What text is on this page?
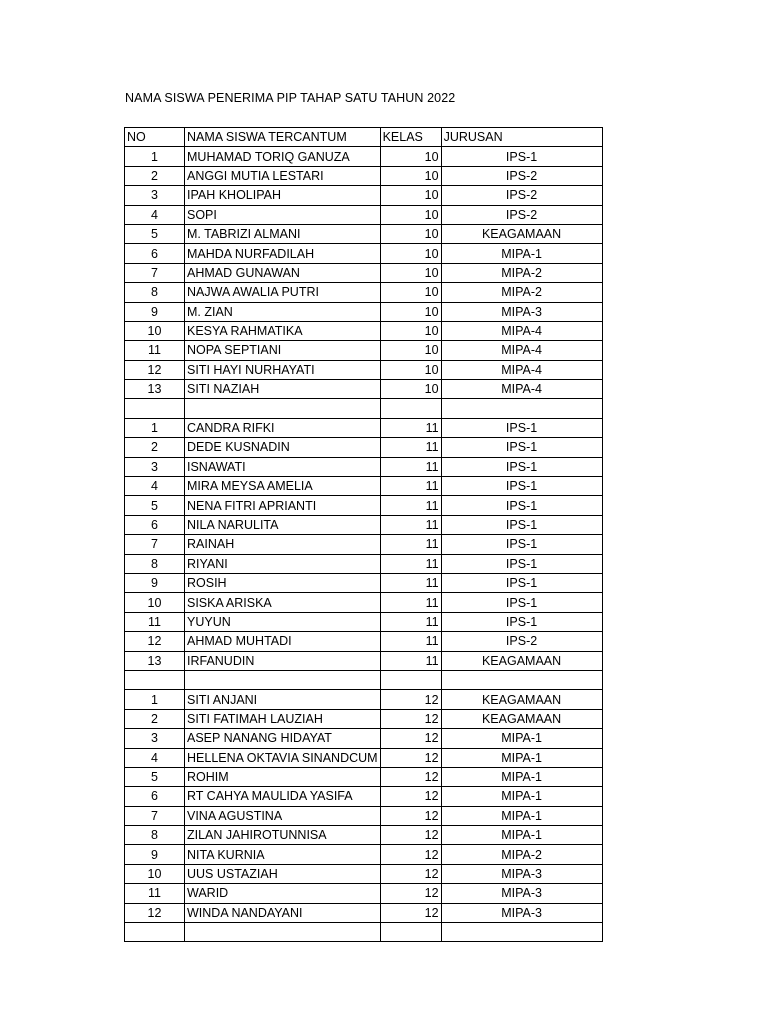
NAMA SISWA PENERIMA PIP TAHAP SATU TAHUN 2022
NO	NAMA SISWA TERCANTUM	KELAS	JURUSAN
1	MUHAMAD TORIQ GANUZA	10	IPS-1
2	ANGGI MUTIA LESTARI	10	IPS-2
3	IPAH KHOLIPAH	10	IPS-2
4	SOPI	10	IPS-2
5	M. TABRIZI ALMANI	10	KEAGAMAAN
6	MAHDA NURFADILAH	10	MIPA-1
7	AHMAD GUNAWAN	10	MIPA-2
8	NAJWA AWALIA PUTRI	10	MIPA-2
9	M. ZIAN	10	MIPA-3
10	KESYA RAHMATIKA	10	MIPA-4
11	NOPA SEPTIANI	10	MIPA-4
12	SITI HAYI NURHAYATI	10	MIPA-4
13	SITI NAZIAH	10	MIPA-4

1	CANDRA RIFKI	11	IPS-1
2	DEDE KUSNADIN	11	IPS-1
3	ISNAWATI	11	IPS-1
4	MIRA MEYSA AMELIA	11	IPS-1
5	NENA FITRI APRIANTI	11	IPS-1
6	NILA NARULITA	11	IPS-1
7	RAINAH	11	IPS-1
8	RIYANI	11	IPS-1
9	ROSIH	11	IPS-1
10	SISKA ARISKA	11	IPS-1
11	YUYUN	11	IPS-1
12	AHMAD MUHTADI	11	IPS-2
13	IRFANUDIN	11	KEAGAMAAN

1	SITI ANJANI	12	KEAGAMAAN
2	SITI FATIMAH LAUZIAH	12	KEAGAMAAN
3	ASEP NANANG HIDAYAT	12	MIPA-1
4	HELLENA OKTAVIA SINANDCUM	12	MIPA-1
5	ROHIM	12	MIPA-1
6	RT CAHYA MAULIDA YASIFA	12	MIPA-1
7	VINA AGUSTINA	12	MIPA-1
8	ZILAN JAHIROTUNNISA	12	MIPA-1
9	NITA KURNIA	12	MIPA-2
10	UUS USTAZIAH	12	MIPA-3
11	WARID	12	MIPA-3
12	WINDA NANDAYANI	12	MIPA-3
